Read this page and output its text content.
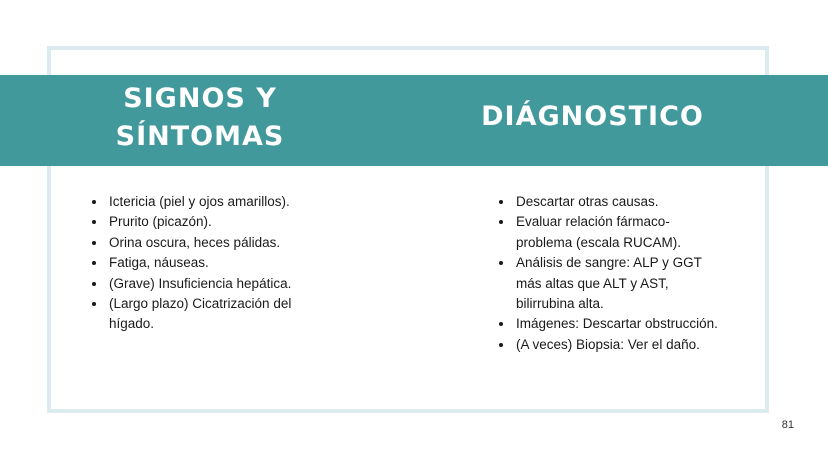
SIGNOS Y SÍNTOMAS
DIÁGNOSTICO
• Ictericia (piel y ojos amarillos).
• Prurito (picazón).
• Orina oscura, heces pálidas.
• Fatiga, náuseas.
• (Grave) Insuficiencia hepática.
• (Largo plazo) Cicatrización del hígado.
• Descartar otras causas.
• Evaluar relación fármaco-problema (escala RUCAM).
• Análisis de sangre: ALP y GGT más altas que ALT y AST, bilirrubina alta.
• Imágenes: Descartar obstrucción.
• (A veces) Biopsia: Ver el daño.
81
